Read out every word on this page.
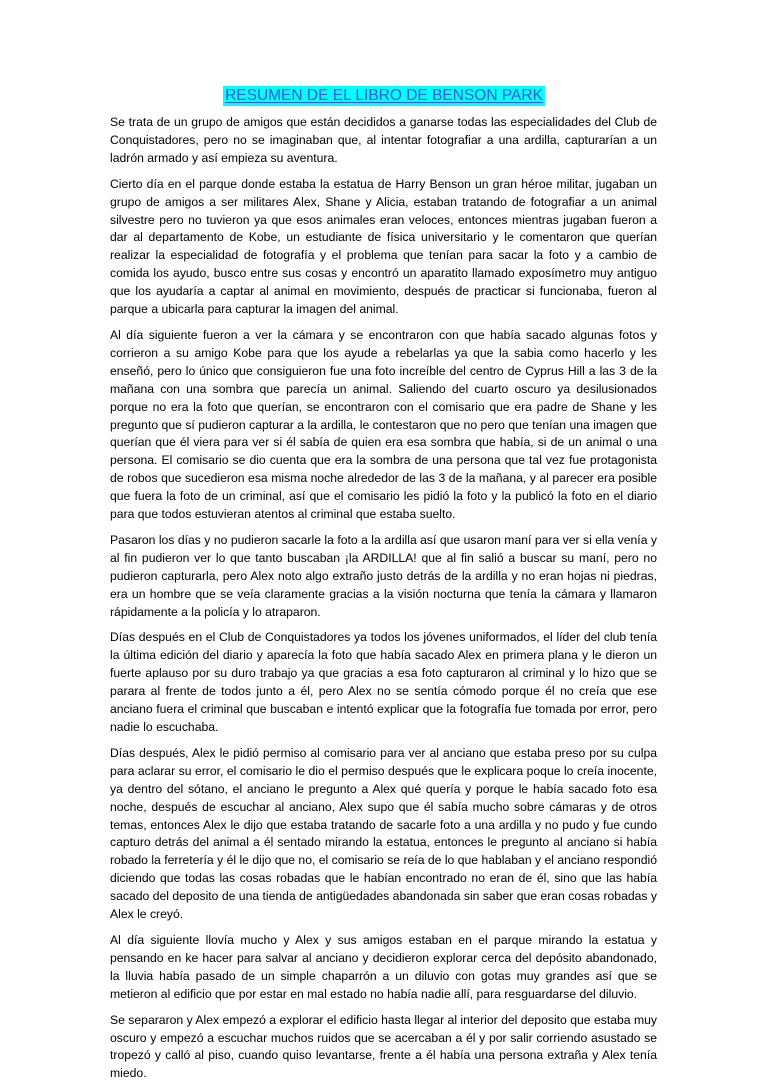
RESUMEN DE EL LIBRO DE BENSON PARK

Se trata de un grupo de amigos que están decididos a ganarse todas las especialidades del Club de Conquistadores, pero no se imaginaban que, al intentar fotografiar a una ardilla, capturarían a un ladrón armado y así empieza su aventura.

Cierto día en el parque donde estaba la estatua de Harry Benson un gran héroe militar, jugaban un grupo de amigos a ser militares Alex, Shane y Alicia, estaban tratando de fotografiar a un animal silvestre pero no tuvieron ya que esos animales eran veloces, entonces mientras jugaban fueron a dar al departamento de Kobe, un estudiante de física universitario y le comentaron que querían realizar la especialidad de fotografía y el problema que tenían para sacar la foto y a cambio de comida los ayudo, busco entre sus cosas y encontró un aparatito llamado exposímetro muy antiguo que los ayudaría a captar al animal en movimiento, después de practicar si funcionaba, fueron al parque a ubicarla para capturar la imagen del animal.

Al día siguiente fueron a ver la cámara y se encontraron con que había sacado algunas fotos y corrieron a su amigo Kobe para que los ayude a rebelarlas ya que la sabia como hacerlo y les enseñó, pero lo único que consiguieron fue una foto increíble del centro de Cyprus Hill a las 3 de la mañana con una sombra que parecía un animal. Saliendo del cuarto oscuro ya desilusionados porque no era la foto que querían, se encontraron con el comisario que era padre de Shane y les pregunto que sí pudieron capturar a la ardilla, le contestaron que no pero que tenían una imagen que querían que él viera para ver si él sabía de quien era esa sombra que había, si de un animal o una persona. El comisario se dio cuenta que era la sombra de una persona que tal vez fue protagonista de robos que sucedieron esa misma noche alrededor de las 3 de la mañana, y al parecer era posible que fuera la foto de un criminal, así que el comisario les pidió la foto y la publicó la foto en el diario para que todos estuvieran atentos al criminal que estaba suelto.

Pasaron los días y no pudieron sacarle la foto a la ardilla así que usaron maní para ver si ella venía y al fin pudieron ver lo que tanto buscaban ¡la ARDILLA! que al fin salió a buscar su maní, pero no pudieron capturarla, pero Alex noto algo extraño justo detrás de la ardilla y no eran hojas ni piedras, era un hombre que se veía claramente gracias a la visión nocturna que tenía la cámara y llamaron rápidamente a la policía y lo atraparon.

Días después en el Club de Conquistadores ya todos los jóvenes uniformados, el líder del club tenía la última edición del diario y aparecía la foto que había sacado Alex en primera plana y le dieron un fuerte aplauso por su duro trabajo ya que gracias a esa foto capturaron al criminal y lo hizo que se parara al frente de todos junto a él, pero Alex no se sentía cómodo porque él no creía que ese anciano fuera el criminal que buscaban e intentó explicar que la fotografía fue tomada por error, pero nadie lo escuchaba.

Días después, Alex le pidió permiso al comisario para ver al anciano que estaba preso por su culpa para aclarar su error, el comisario le dio el permiso después que le explicara poque lo creía inocente, ya dentro del sótano, el anciano le pregunto a Alex qué quería y porque le había sacado foto esa noche, después de escuchar al anciano, Alex supo que él sabía mucho sobre cámaras y de otros temas, entonces Alex le dijo que estaba tratando de sacarle foto a una ardilla y no pudo y fue cundo capturo detrás del animal a él sentado mirando la estatua, entonces le pregunto al anciano si había robado la ferretería y él le dijo que no, el comisario se reía de lo que hablaban y el anciano respondió diciendo que todas las cosas robadas que le habían encontrado no eran de él, sino que las había sacado del deposito de una tienda de antigüedades abandonada sin saber que eran cosas robadas y Alex le creyó.

Al día siguiente llovía mucho y Alex y sus amigos estaban en el parque mirando la estatua y pensando en ke hacer para salvar al anciano y decidieron explorar cerca del depósito abandonado, la lluvia había pasado de un simple chaparrón a un diluvio con gotas muy grandes así que se metieron al edificio que por estar en mal estado no había nadie allí, para resguardarse del diluvio.

Se separaron y Alex empezó a explorar el edificio hasta llegar al interior del deposito que estaba muy oscuro y empezó a escuchar muchos ruidos que se acercaban a él y por salir corriendo asustado se tropezó y calló al piso, cuando quiso levantarse, frente a él había una persona extraña y Alex tenía miedo.
